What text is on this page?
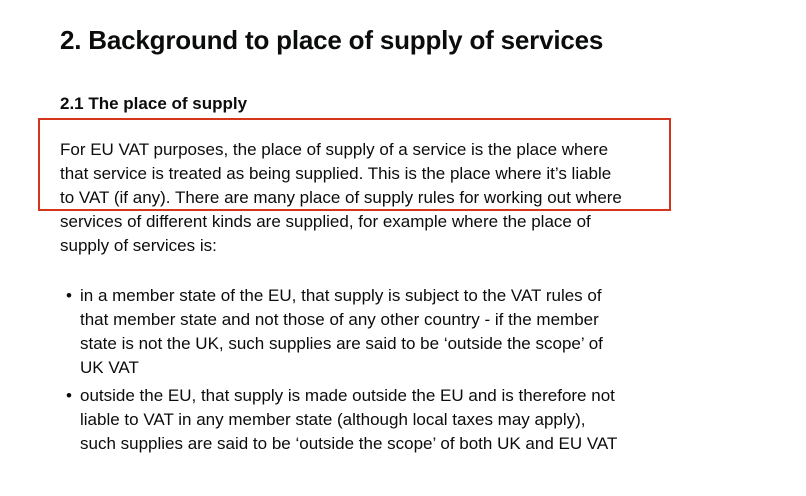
2. Background to place of supply of services
2.1 The place of supply

For EU VAT purposes, the place of supply of a service is the place where
that service is treated as being supplied. This is the place where it’s liable
to VAT (if any). There are many place of supply rules for working out where
services of different kinds are supplied, for example where the place of
supply of services is:

• in a member state of the EU, that supply is subject to the VAT rules of
that member state and not those of any other country - if the member
state is not the UK, such supplies are said to be ‘outside the scope’ of
UK VAT
• outside the EU, that supply is made outside the EU and is therefore not
liable to VAT in any member state (although local taxes may apply),
such supplies are said to be ‘outside the scope’ of both UK and EU VAT
